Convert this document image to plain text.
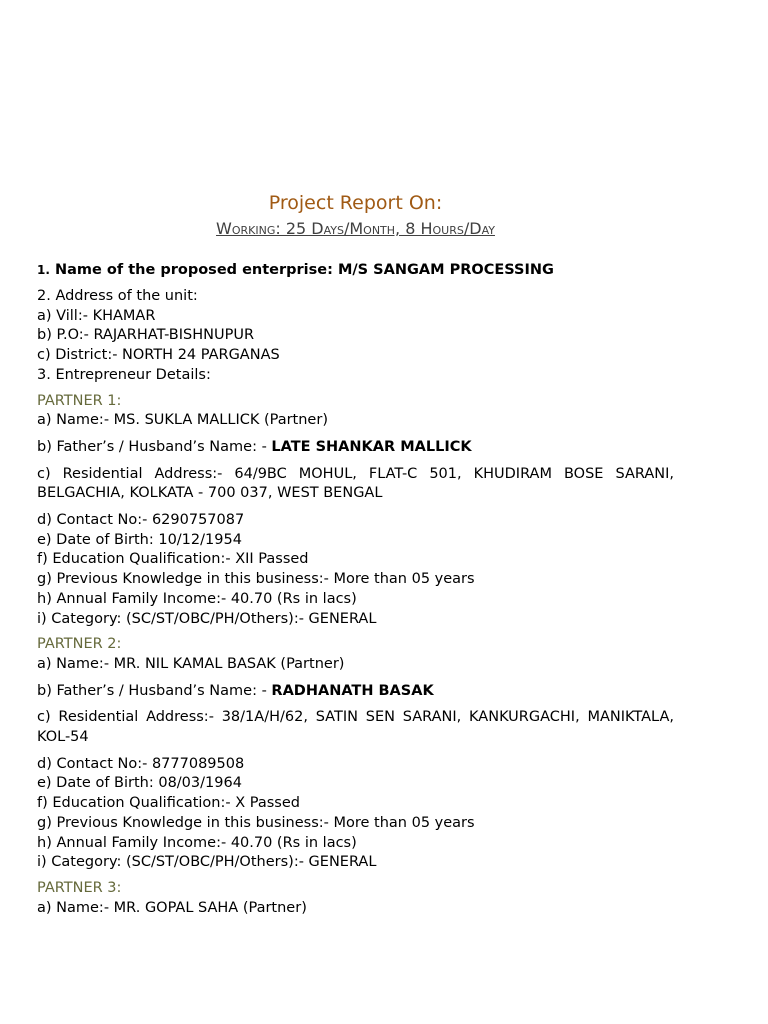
Project Report On:
Working: 25 Days/Month, 8 Hours/Day
1. Name of the proposed enterprise: M/S SANGAM PROCESSING
2. Address of the unit:
a) Vill:- KHAMAR
b) P.O:- RAJARHAT-BISHNUPUR
c) District:- NORTH 24 PARGANAS
3. Entrepreneur Details:
PARTNER 1:
a) Name:- MS. SUKLA MALLICK (Partner)
b) Father’s / Husband’s Name: - LATE SHANKAR MALLICK
c) Residential Address:- 64/9BC MOHUL, FLAT-C 501, KHUDIRAM BOSE SARANI, BELGACHIA, KOLKATA - 700 037, WEST BENGAL
d) Contact No:- 6290757087
e) Date of Birth: 10/12/1954
f) Education Qualification:- XII Passed
g) Previous Knowledge in this business:- More than 05 years
h) Annual Family Income:- 40.70 (Rs in lacs)
i) Category: (SC/ST/OBC/PH/Others):- GENERAL
PARTNER 2:
a) Name:- MR. NIL KAMAL BASAK (Partner)
b) Father’s / Husband’s Name: - RADHANATH BASAK
c) Residential Address:- 38/1A/H/62, SATIN SEN SARANI, KANKURGACHI, MANIKTALA, KOL-54
d) Contact No:- 8777089508
e) Date of Birth: 08/03/1964
f) Education Qualification:- X Passed
g) Previous Knowledge in this business:- More than 05 years
h) Annual Family Income:- 40.70 (Rs in lacs)
i) Category: (SC/ST/OBC/PH/Others):- GENERAL
PARTNER 3:
a) Name:- MR. GOPAL SAHA (Partner)
